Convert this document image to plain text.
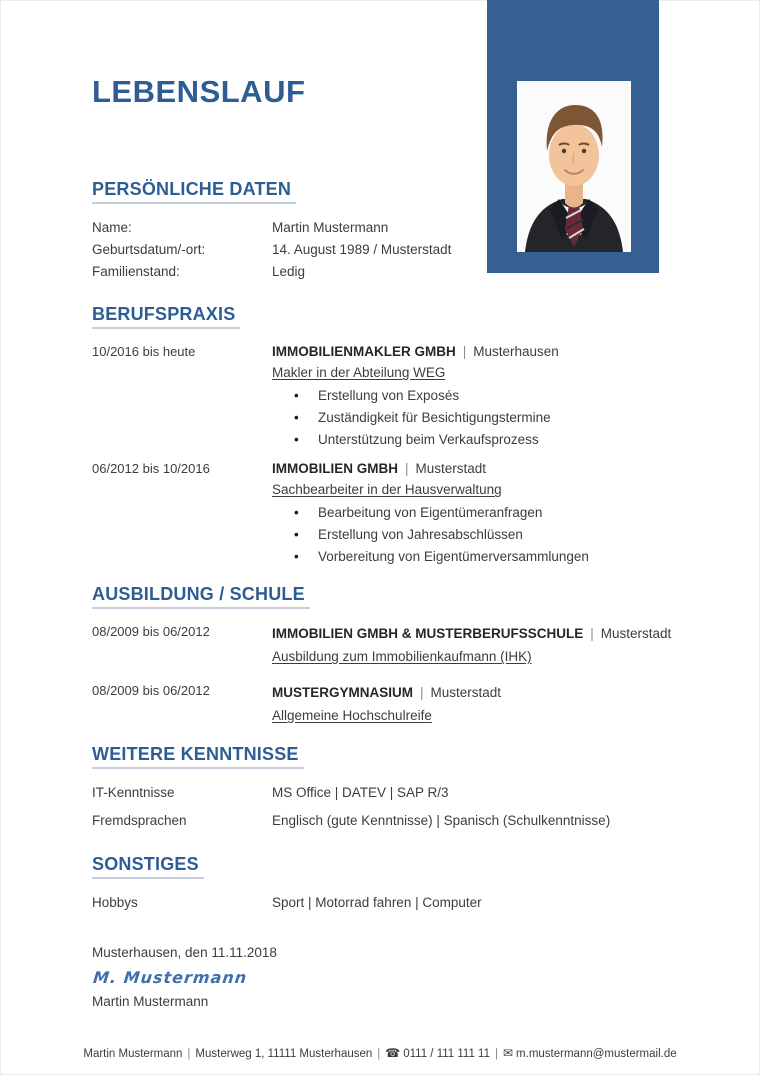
LEBENSLAUF
PERSÖNLICHE DATEN
Name:	Martin Mustermann
Geburtsdatum/-ort:	14. August 1989 / Musterstadt
Familienstand:	Ledig
BERUFSPRAXIS
10/2016 bis heute	IMMOBILIENMAKLER GMBH | Musterhausen
Makler in der Abteilung WEG
• Erstellung von Exposés
• Zuständigkeit für Besichtigungstermine
• Unterstützung beim Verkaufsprozess
06/2012 bis 10/2016	IMMOBILIEN GMBH | Musterstadt
Sachbearbeiter in der Hausverwaltung
• Bearbeitung von Eigentümeranfragen
• Erstellung von Jahresabschlüssen
• Vorbereitung von Eigentümerversammlungen
AUSBILDUNG / SCHULE
08/2009 bis 06/2012	IMMOBILIEN GMBH & MUSTERBERUFSSCHULE | Musterstadt
Ausbildung zum Immobilienkaufmann (IHK)
08/2009 bis 06/2012	MUSTERGYMNASIUM | Musterstadt
Allgemeine Hochschulreife
WEITERE KENNTNISSE
IT-Kenntnisse	MS Office | DATEV | SAP R/3
Fremdsprachen	Englisch (gute Kenntnisse) | Spanisch (Schulkenntnisse)
SONSTIGES
Hobbys	Sport | Motorrad fahren | Computer
Musterhausen, den 11.11.2018
M. Mustermann
Martin Mustermann
Martin Mustermann | Musterweg 1, 11111 Musterhausen | ☎ 0111 / 111 111 11 | ✉ m.mustermann@mustermail.de
